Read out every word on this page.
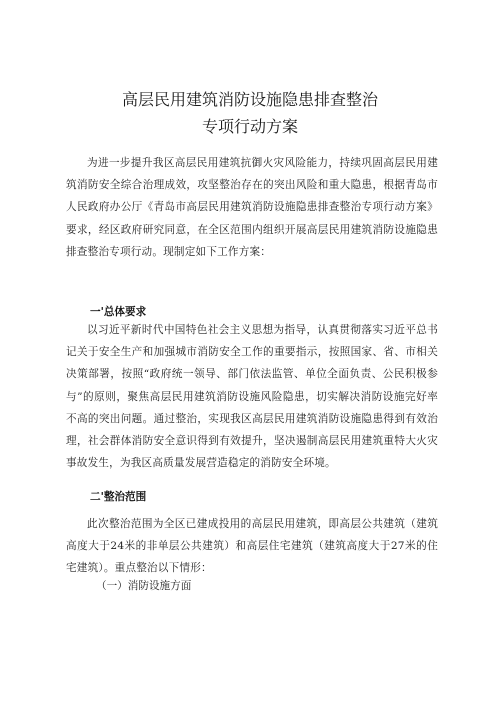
高层民用建筑消防设施隐患排查整治
专项行动方案

为进一步提升我区高层民用建筑抗御火灾风险能力，持续巩固高层民用建筑消防安全综合治理成效，攻坚整治存在的突出风险和重大隐患，根据青岛市人民政府办公厅《青岛市高层民用建筑消防设施隐患排查整治专项行动方案》要求，经区政府研究同意，在全区范围内组织开展高层民用建筑消防设施隐患排查整治专项行动。现制定如下工作方案：

一'总体要求

以习近平新时代中国特色社会主义思想为指导，认真贯彻落实习近平总书记关于安全生产和加强城市消防安全工作的重要指示，按照国家、省、市相关决策部署，按照“政府统一领导、部门依法监管、单位全面负责、公民积极参与”的原则，聚焦高层民用建筑消防设施风险隐患，切实解决消防设施完好率不高的突出问题。通过整治，实现我区高层民用建筑消防设施隐患得到有效治理，社会群体消防安全意识得到有效提升，坚决遏制高层民用建筑重特大火灾事故发生，为我区高质量发展营造稳定的消防安全环境。

二'整治范围

此次整治范围为全区已建成投用的高层民用建筑，即高层公共建筑（建筑高度大于24米的非单层公共建筑）和高层住宅建筑（建筑高度大于27米的住宅建筑）。重点整治以下情形：

（一）消防设施方面
